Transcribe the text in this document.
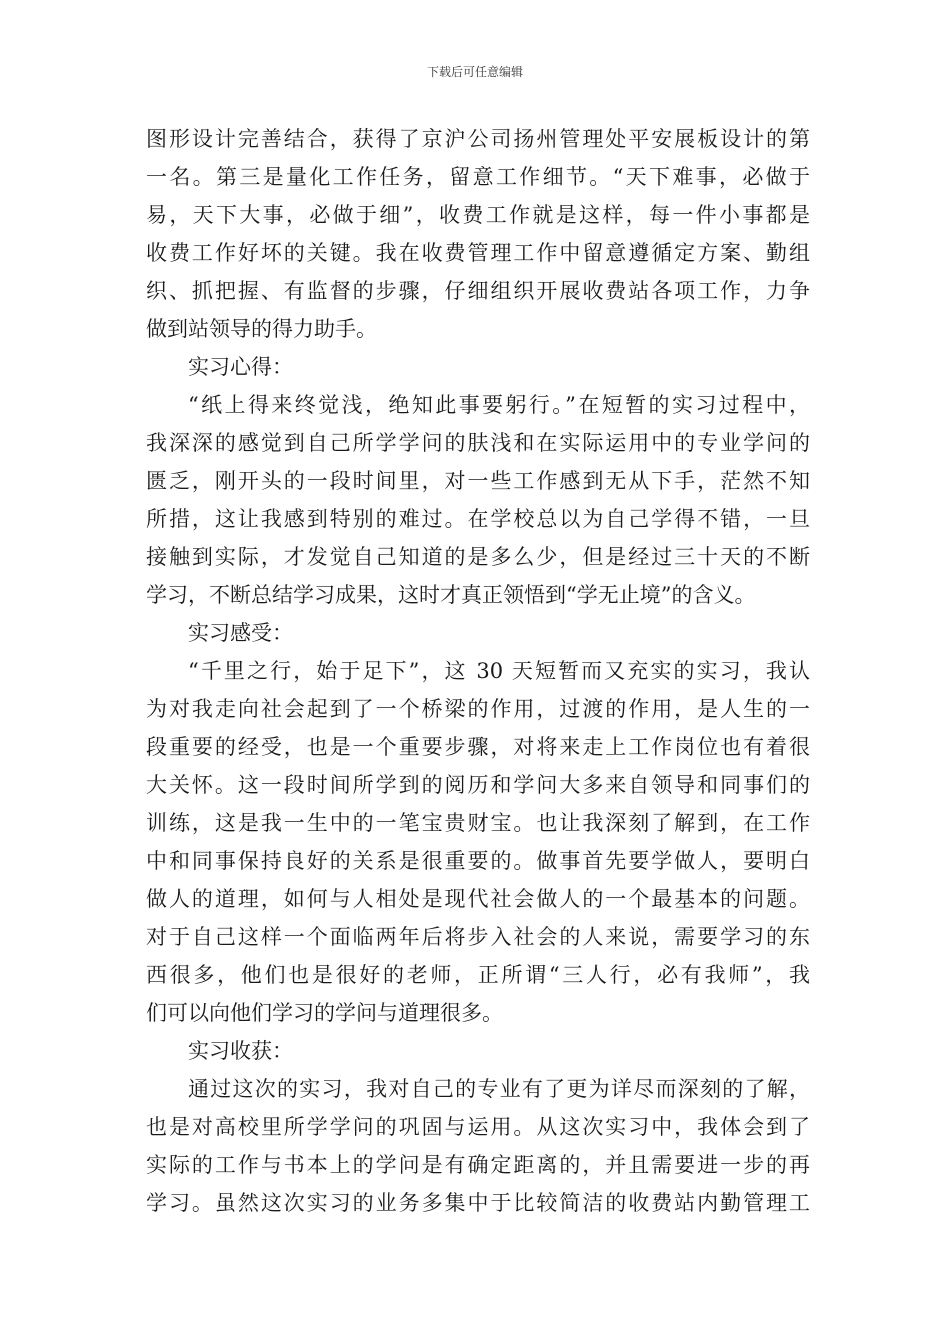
下载后可任意编辑
图形设计完善结合，获得了京沪公司扬州管理处平安展板设计的第
一名。第三是量化工作任务，留意工作细节。“天下难事，必做于
易，天下大事，必做于细”，收费工作就是这样，每一件小事都是
收费工作好坏的关键。我在收费管理工作中留意遵循定方案、勤组
织、抓把握、有监督的步骤，仔细组织开展收费站各项工作，力争
做到站领导的得力助手。
实习心得：
“纸上得来终觉浅，绝知此事要躬行。”在短暂的实习过程中，
我深深的感觉到自己所学学问的肤浅和在实际运用中的专业学问的
匮乏，刚开头的一段时间里，对一些工作感到无从下手，茫然不知
所措，这让我感到特别的难过。在学校总以为自己学得不错，一旦
接触到实际，才发觉自己知道的是多么少，但是经过三十天的不断
学习，不断总结学习成果，这时才真正领悟到“学无止境”的含义。
实习感受：
“千里之行，始于足下”，这 30 天短暂而又充实的实习，我认
为对我走向社会起到了一个桥梁的作用，过渡的作用，是人生的一
段重要的经受，也是一个重要步骤，对将来走上工作岗位也有着很
大关怀。这一段时间所学到的阅历和学问大多来自领导和同事们的
训练，这是我一生中的一笔宝贵财宝。也让我深刻了解到，在工作
中和同事保持良好的关系是很重要的。做事首先要学做人，要明白
做人的道理，如何与人相处是现代社会做人的一个最基本的问题。
对于自己这样一个面临两年后将步入社会的人来说，需要学习的东
西很多，他们也是很好的老师，正所谓“三人行，必有我师”，我
们可以向他们学习的学问与道理很多。
实习收获：
通过这次的实习，我对自己的专业有了更为详尽而深刻的了解，
也是对高校里所学学问的巩固与运用。从这次实习中，我体会到了
实际的工作与书本上的学问是有确定距离的，并且需要进一步的再
学习。虽然这次实习的业务多集中于比较简洁的收费站内勤管理工
